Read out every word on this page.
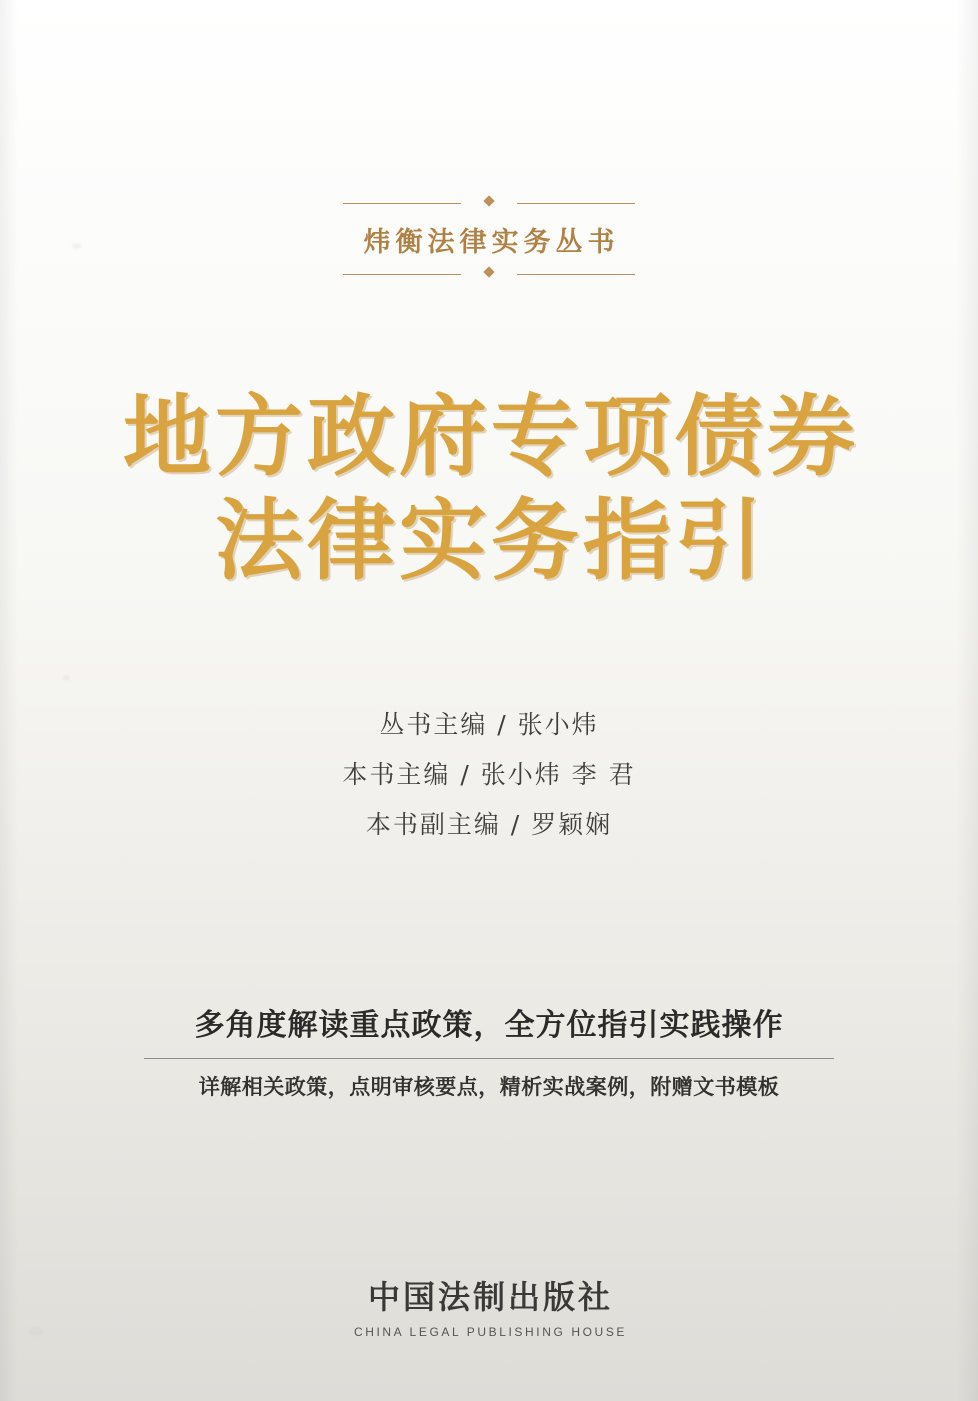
炜衡法律实务丛书
地方政府专项债券
法律实务指引
丛书主编 / 张小炜
本书主编 / 张小炜 李 君
本书副主编 / 罗颖娴
多角度解读重点政策，全方位指引实践操作
详解相关政策，点明审核要点，精析实战案例，附赠文书模板
中国法制出版社
CHINA LEGAL PUBLISHING HOUSE
